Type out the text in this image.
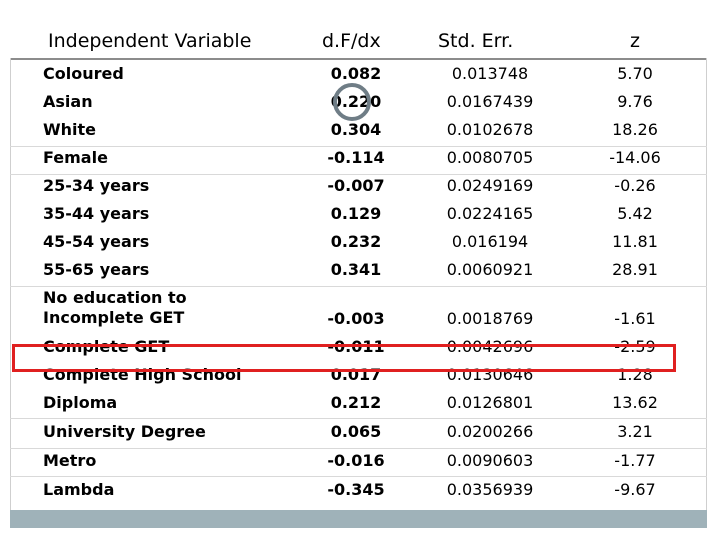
Independent Variable	d.F/dx	Std. Err.	z
Coloured	0.082	0.013748	5.70
Asian	0.220	0.0167439	9.76
White	0.304	0.0102678	18.26
Female	-0.114	0.0080705	-14.06
25-34 years	-0.007	0.0249169	-0.26
35-44 years	0.129	0.0224165	5.42
45-54 years	0.232	0.016194	11.81
55-65 years	0.341	0.0060921	28.91
No education to
Incomplete GET	-0.003	0.0018769	-1.61
Complete GET	-0.011	0.0042696	-2.59
Complete High School	0.017	0.0130646	1.28
Diploma	0.212	0.0126801	13.62
University Degree	0.065	0.0200266	3.21
Metro	-0.016	0.0090603	-1.77
Lambda	-0.345	0.0356939	-9.67
